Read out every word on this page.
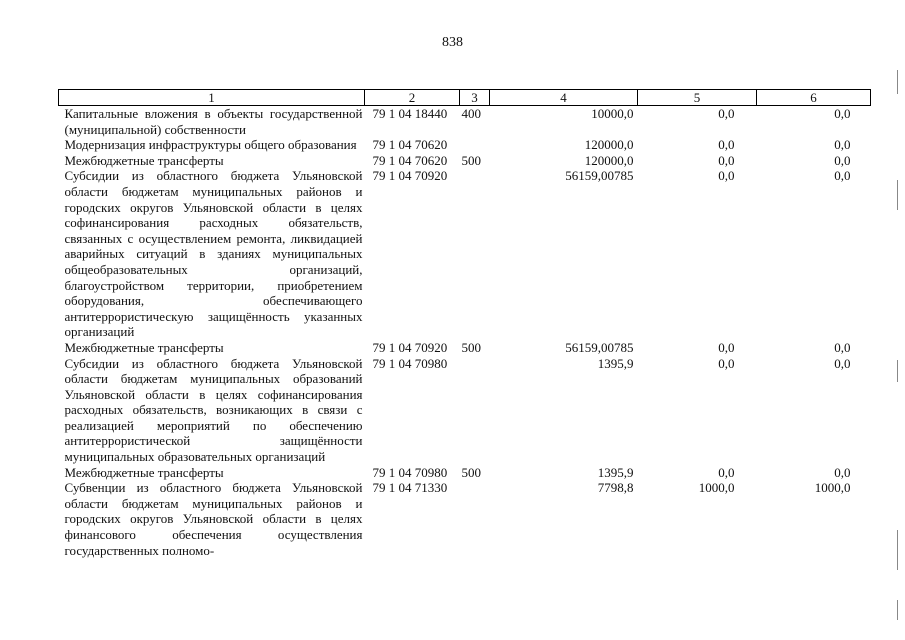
838
1	2	3	4	5	6
Капитальные вложения в объекты государственной (муниципальной) собственности	79 1 04 18440	400	10000,0	0,0	0,0
Модернизация инфраструктуры общего образования	79 1 04 70620		120000,0	0,0	0,0
Межбюджетные трансферты	79 1 04 70620	500	120000,0	0,0	0,0
Субсидии из областного бюджета Ульяновской области бюджетам муниципальных районов и городских округов Ульяновской области в целях софинансирования расходных обязательств, связанных с осуществлением ремонта, ликвидацией аварийных ситуаций в зданиях муниципальных общеобразовательных организаций, благоустройством территории, приобретением оборудования, обеспечивающего антитеррористическую защищённость указанных организаций	79 1 04 70920		56159,00785	0,0	0,0
Межбюджетные трансферты	79 1 04 70920	500	56159,00785	0,0	0,0
Субсидии из областного бюджета Ульяновской области бюджетам муниципальных образований Ульяновской области в целях софинансирования расходных обязательств, возникающих в связи с реализацией мероприятий по обеспечению антитеррористической защищённости муниципальных образовательных организаций	79 1 04 70980		1395,9	0,0	0,0
Межбюджетные трансферты	79 1 04 70980	500	1395,9	0,0	0,0
Субвенции из областного бюджета Ульяновской области бюджетам муниципальных районов и городских округов Ульяновской области в целях финансового обеспечения осуществления государственных полномо-	79 1 04 71330		7798,8	1000,0	1000,0
